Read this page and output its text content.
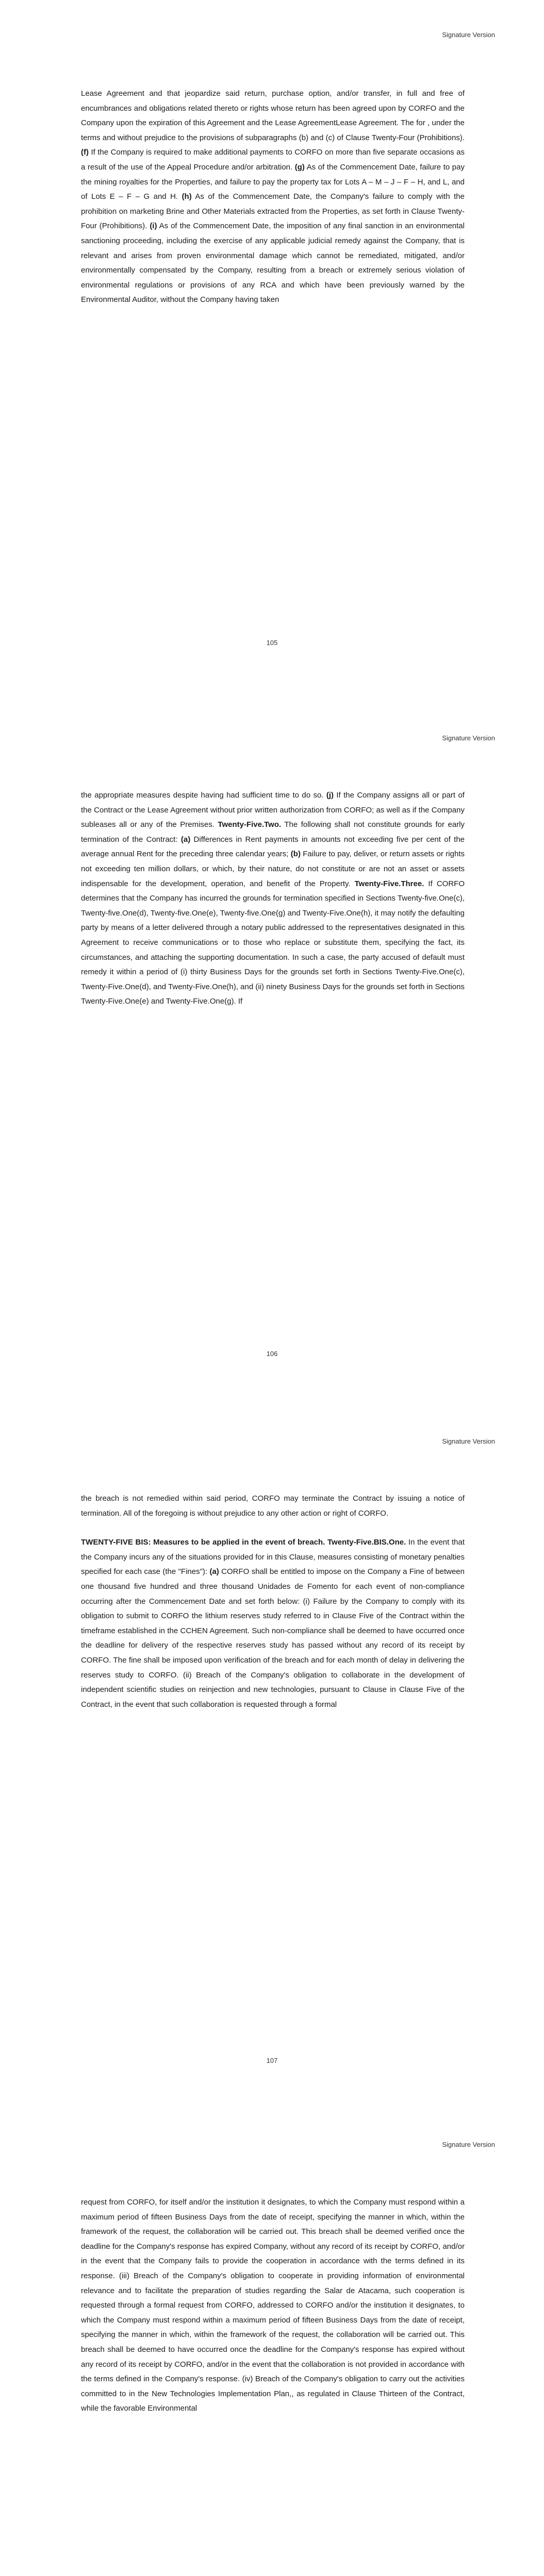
Signature Version

Lease Agreement and that jeopardize said return, purchase option, and/or transfer, in full and free of encumbrances and obligations related thereto or rights whose return has been agreed upon by CORFO and the Company upon the expiration of this Agreement and the Lease AgreementLease Agreement. The for , under the terms and without prejudice to the provisions of subparagraphs (b) and (c) of Clause Twenty-Four (Prohibitions). (f) If the Company is required to make additional payments to CORFO on more than five separate occasions as a result of the use of the Appeal Procedure and/or arbitration. (g) As of the Commencement Date, failure to pay the mining royalties for the Properties, and failure to pay the property tax for Lots A – M – J – F – H, and L, and of Lots E – F – G and H. (h) As of the Commencement Date, the Company's failure to comply with the prohibition on marketing Brine and Other Materials extracted from the Properties, as set forth in Clause Twenty-Four (Prohibitions). (i) As of the Commencement Date, the imposition of any final sanction in an environmental sanctioning proceeding, including the exercise of any applicable judicial remedy against the Company, that is relevant and arises from proven environmental damage which cannot be remediated, mitigated, and/or environmentally compensated by the Company, resulting from a breach or extremely serious violation of environmental regulations or provisions of any RCA and which have been previously warned by the Environmental Auditor, without the Company having taken

105
Signature Version

the appropriate measures despite having had sufficient time to do so. (j) If the Company assigns all or part of the Contract or the Lease Agreement without prior written authorization from CORFO; as well as if the Company subleases all or any of the Premises. Twenty-Five.Two. The following shall not constitute grounds for early termination of the Contract: (a) Differences in Rent payments in amounts not exceeding five per cent of the average annual Rent for the preceding three calendar years; (b) Failure to pay, deliver, or return assets or rights not exceeding ten million dollars, or which, by their nature, do not constitute or are not an asset or assets indispensable for the development, operation, and benefit of the Property. Twenty-Five.Three. If CORFO determines that the Company has incurred the grounds for termination specified in Sections Twenty-five.One(c), Twenty-five.One(d), Twenty-five.One(e), Twenty-five.One(g) and Twenty-Five.One(h), it may notify the defaulting party by means of a letter delivered through a notary public addressed to the representatives designated in this Agreement to receive communications or to those who replace or substitute them, specifying the fact, its circumstances, and attaching the supporting documentation. In such a case, the party accused of default must remedy it within a period of (i) thirty Business Days for the grounds set forth in Sections Twenty-Five.One(c), Twenty-Five.One(d), and Twenty-Five.One(h), and (ii) ninety Business Days for the grounds set forth in Sections Twenty-Five.One(e) and Twenty-Five.One(g). If

106
Signature Version

the breach is not remedied within said period, CORFO may terminate the Contract by issuing a notice of termination. All of the foregoing is without prejudice to any other action or right of CORFO.

TWENTY-FIVE BIS: Measures to be applied in the event of breach. Twenty-Five.BIS.One. In the event that the Company incurs any of the situations provided for in this Clause, measures consisting of monetary penalties specified for each case (the "Fines"): (a) CORFO shall be entitled to impose on the Company a Fine of between one thousand five hundred and three thousand Unidades de Fomento for each event of non-compliance occurring after the Commencement Date and set forth below: (i) Failure by the Company to comply with its obligation to submit to CORFO the lithium reserves study referred to in Clause Five of the Contract within the timeframe established in the CCHEN Agreement. Such non-compliance shall be deemed to have occurred once the deadline for delivery of the respective reserves study has passed without any record of its receipt by CORFO. The fine shall be imposed upon verification of the breach and for each month of delay in delivering the reserves study to CORFO. (ii) Breach of the Company's obligation to collaborate in the development of independent scientific studies on reinjection and new technologies, pursuant to Clause in Clause Five of the Contract, in the event that such collaboration is requested through a formal

107
Signature Version

request from CORFO, for itself and/or the institution it designates, to which the Company must respond within a maximum period of fifteen Business Days from the date of receipt, specifying the manner in which, within the framework of the request, the collaboration will be carried out. This breach shall be deemed verified once the deadline for the Company's response has expired Company, without any record of its receipt by CORFO, and/or in the event that the Company fails to provide the cooperation in accordance with the terms defined in its response. (iii) Breach of the Company's obligation to cooperate in providing information of environmental relevance and to facilitate the preparation of studies regarding the Salar de Atacama, such cooperation is requested through a formal request from CORFO, addressed to CORFO and/or the institution it designates, to which the Company must respond within a maximum period of fifteen Business Days from the date of receipt, specifying the manner in which, within the framework of the request, the collaboration will be carried out. This breach shall be deemed to have occurred once the deadline for the Company's response has expired without any record of its receipt by CORFO, and/or in the event that the collaboration is not provided in accordance with the terms defined in the Company's response. (iv) Breach of the Company's obligation to carry out the activities committed to in the New Technologies Implementation Plan,, as regulated in Clause Thirteen of the Contract, while the favorable Environmental
